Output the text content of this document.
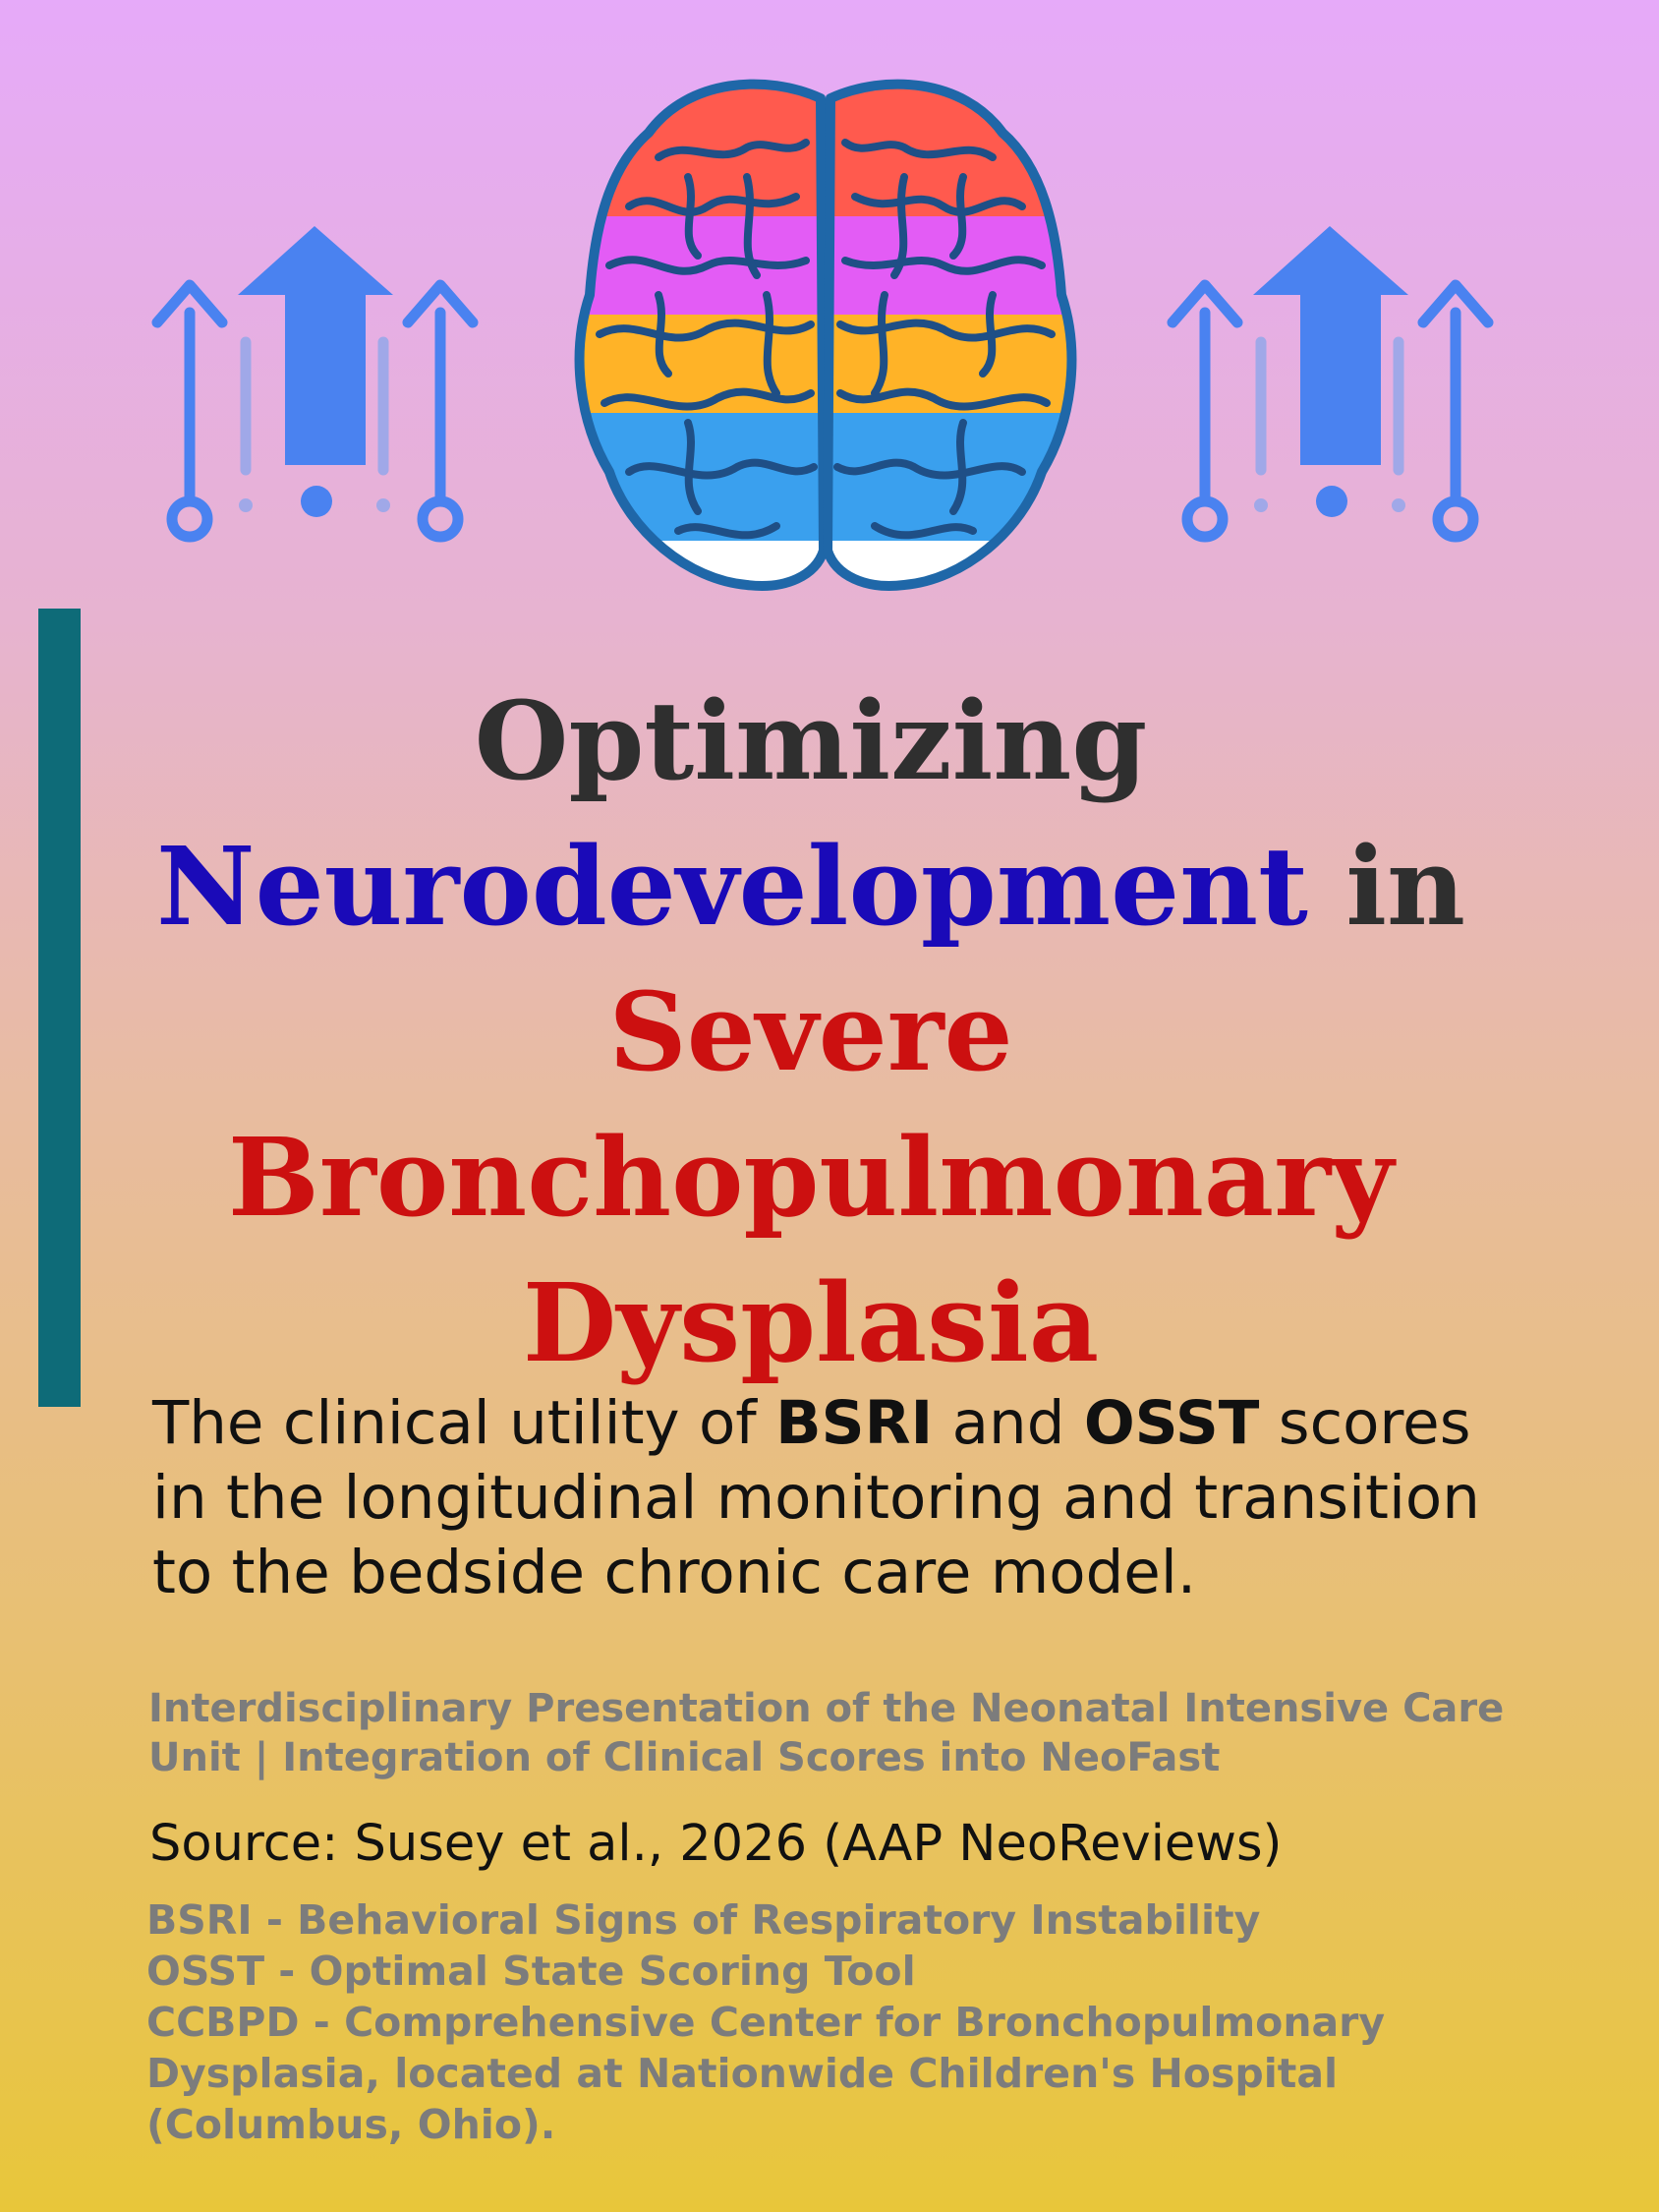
Optimizing
Neurodevelopment in
Severe
Bronchopulmonary
Dysplasia

The clinical utility of BSRI and OSST scores in the longitudinal monitoring and transition to the bedside chronic care model.

Interdisciplinary Presentation of the Neonatal Intensive Care Unit | Integration of Clinical Scores into NeoFast

Source: Susey et al., 2026 (AAP NeoReviews)

BSRI - Behavioral Signs of Respiratory Instability
OSST - Optimal State Scoring Tool
CCBPD - Comprehensive Center for Bronchopulmonary
Dysplasia, located at Nationwide Children's Hospital
(Columbus, Ohio).
